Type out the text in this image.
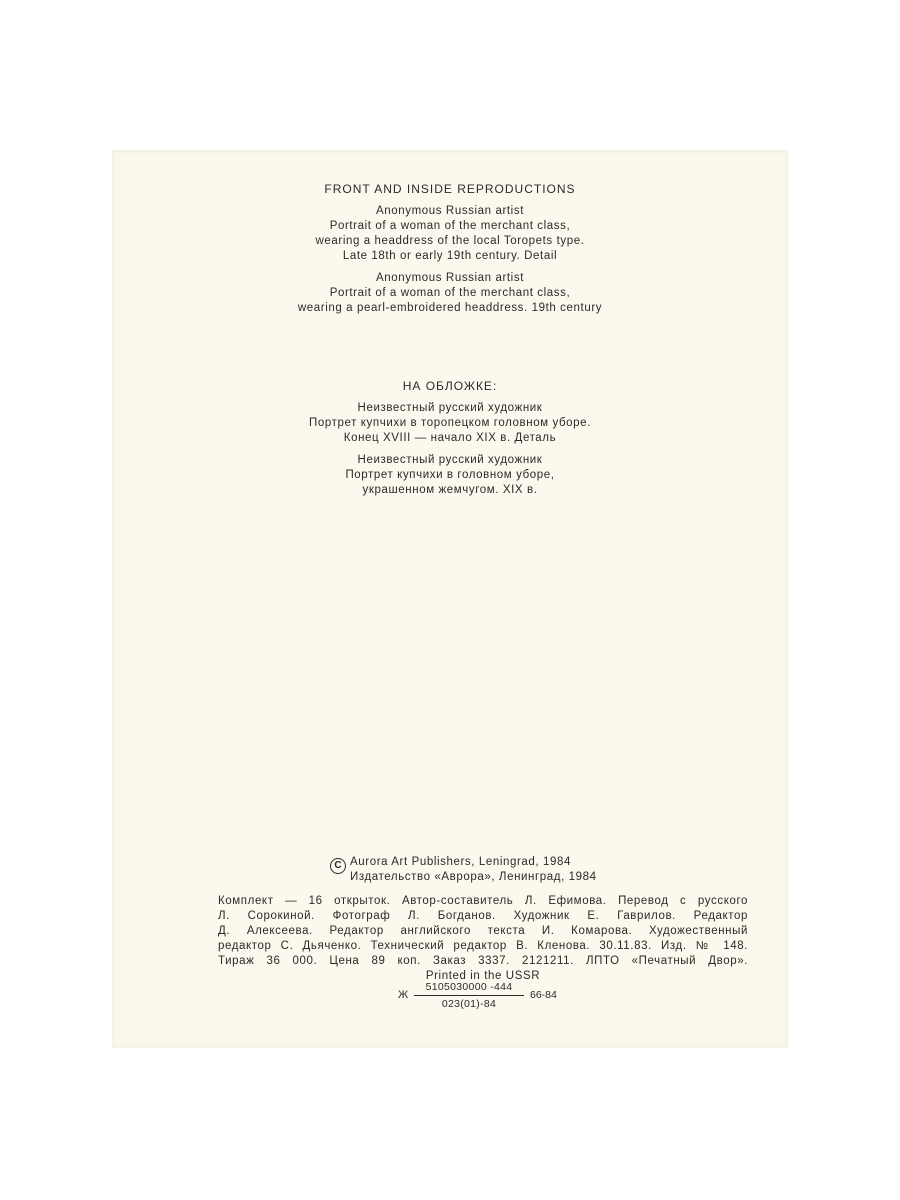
FRONT AND INSIDE REPRODUCTIONS
Anonymous Russian artist
Portrait of a woman of the merchant class,
wearing a headdress of the local Toropets type.
Late 18th or early 19th century. Detail
Anonymous Russian artist
Portrait of a woman of the merchant class,
wearing a pearl-embroidered headdress. 19th century
НА ОБЛОЖКЕ:
Неизвестный русский художник
Портрет купчихи в торопецком головном уборе.
Конец XVIII — начало XIX в. Деталь
Неизвестный русский художник
Портрет купчихи в головном уборе,
украшенном жемчугом. XIX в.
C Aurora Art Publishers, Leningrad, 1984
Издательство «Аврора», Ленинград, 1984
Комплект — 16 открыток. Автор-составитель Л. Ефимова. Перевод с русского
Л. Сорокиной. Фотограф Л. Богданов. Художник Е. Гаврилов. Редактор
Д. Алексеева. Редактор английского текста И. Комарова. Художественный
редактор С. Дьяченко. Технический редактор В. Кленова. 30.11.83. Изд. № 148.
Тираж 36 000. Цена 89 коп. Заказ 3337. 2121211. ЛПТО «Печатный Двор».
Printed in the USSR
Ж
5105030000 -444
023(01)-84
66-84
